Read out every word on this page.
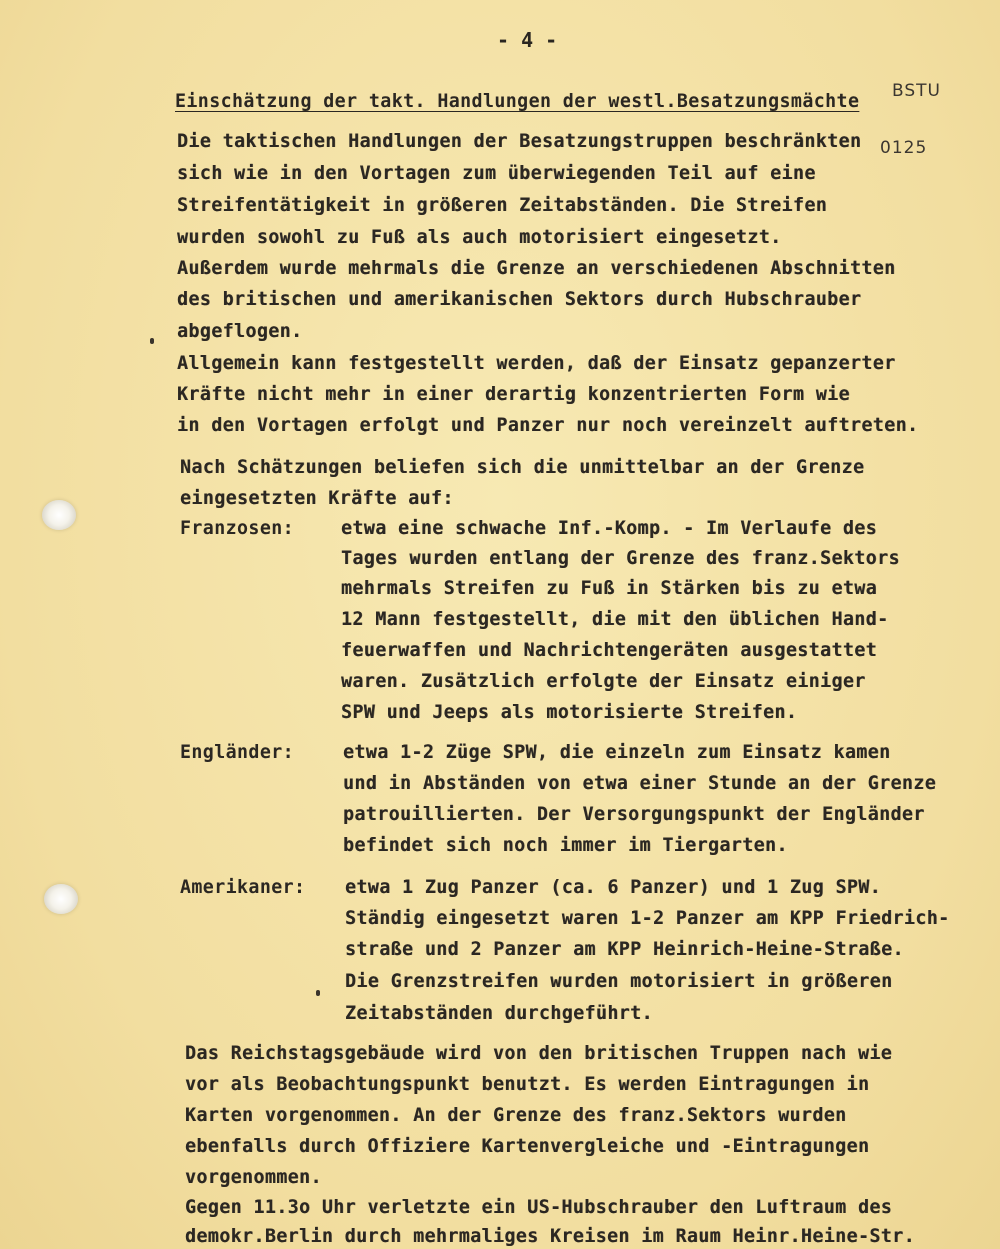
- 4 -

BSTU

0125

Einschätzung der takt. Handlungen der westl.Besatzungsmächte
Die taktischen Handlungen der Besatzungstruppen beschränkten
sich wie in den Vortagen zum überwiegenden Teil auf eine
Streifentätigkeit in größeren Zeitabständen. Die Streifen
wurden sowohl zu Fuß als auch motorisiert eingesetzt.
Außerdem wurde mehrmals die Grenze an verschiedenen Abschnitten
des britischen und amerikanischen Sektors durch Hubschrauber
abgeflogen.
Allgemein kann festgestellt werden, daß der Einsatz gepanzerter
Kräfte nicht mehr in einer derartig konzentrierten Form wie
in den Vortagen erfolgt und Panzer nur noch vereinzelt auftreten.
Nach Schätzungen beliefen sich die unmittelbar an der Grenze
eingesetzten Kräfte auf:
Franzosen:	etwa eine schwache Inf.-Komp. - Im Verlaufe des
Tages wurden entlang der Grenze des franz.Sektors
mehrmals Streifen zu Fuß in Stärken bis zu etwa
12 Mann festgestellt, die mit den üblichen Hand-
feuerwaffen und Nachrichtengeräten ausgestattet
waren. Zusätzlich erfolgte der Einsatz einiger
SPW und Jeeps als motorisierte Streifen.
Engländer:	etwa 1-2 Züge SPW, die einzeln zum Einsatz kamen
und in Abständen von etwa einer Stunde an der Grenze
patrouillierten. Der Versorgungspunkt der Engländer
befindet sich noch immer im Tiergarten.
Amerikaner: etwa 1 Zug Panzer (ca. 6 Panzer) und 1 Zug SPW.
Ständig eingesetzt waren 1-2 Panzer am KPP Friedrich-
straße und 2 Panzer am KPP Heinrich-Heine-Straße.
Die Grenzstreifen wurden motorisiert in größeren
Zeitabständen durchgeführt.
Das Reichstagsgebäude wird von den britischen Truppen nach wie
vor als Beobachtungspunkt benutzt. Es werden Eintragungen in
Karten vorgenommen. An der Grenze des franz.Sektors wurden
ebenfalls durch Offiziere Kartenvergleiche und -Eintragungen
vorgenommen.
Gegen 11.3o Uhr verletzte ein US-Hubschrauber den Luftraum des
demokr.Berlin durch mehrmaliges Kreisen im Raum Heinr.Heine-Str.
